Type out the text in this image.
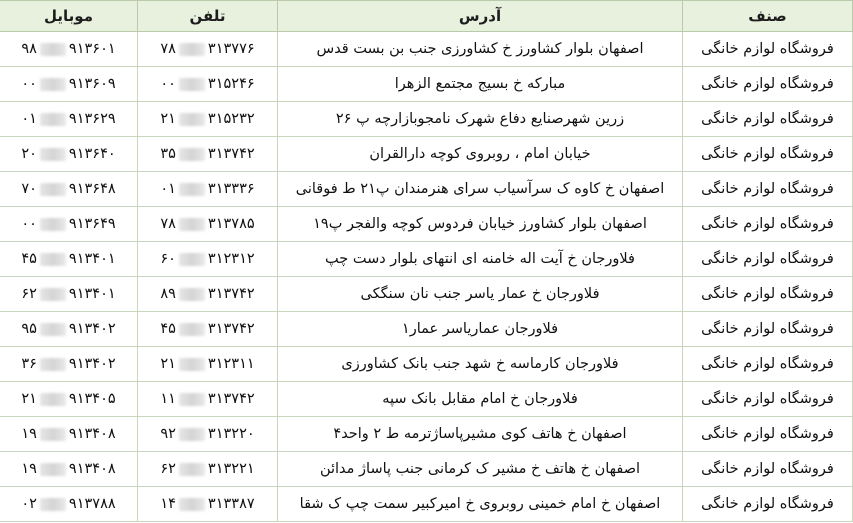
صنف	آدرس	تلفن	موبایل
فروشگاه لوازم خانگی	اصفهان بلوار کشاورز خ کشاورزی جنب بن بست قدس	۷۸ ۳۱۳۷۷۶	۹۸ ۹۱۳۶۰۱

فروشگاه لوازم خانگی	مبارکه خ بسیج مجتمع الزهرا	۰۰ ۳۱۵۲۴۶	۰۰ ۹۱۳۶۰۹

فروشگاه لوازم خانگی	زرین شهرصنایع دفاع شهرک نامجوبازارچه پ ۲۶	۲۱ ۳۱۵۲۳۲	۰۱ ۹۱۳۶۲۹

فروشگاه لوازم خانگی	خیابان امام ، روبروی کوچه دارالقران	۳۵ ۳۱۳۷۴۲	۲۰ ۹۱۳۶۴۰

فروشگاه لوازم خانگی	اصفهان خ کاوه ک سرآسیاب سرای هنرمندان پ۲۱ ط فوقانی	۰۱ ۳۱۳۳۳۶	۷۰ ۹۱۳۶۴۸

فروشگاه لوازم خانگی	اصفهان بلوار کشاورز خیابان فردوس کوچه والفجر پ۱۹	۷۸ ۳۱۳۷۸۵	۰۰ ۹۱۳۶۴۹

فروشگاه لوازم خانگی	فلاورجان خ آیت اله خامنه ای انتهای بلوار دست چپ	۶۰ ۳۱۲۳۱۲	۴۵ ۹۱۳۴۰۱

فروشگاه لوازم خانگی	فلاورجان خ عمار یاسر جنب نان سنگکی	۸۹ ۳۱۳۷۴۲	۶۲ ۹۱۳۴۰۱

فروشگاه لوازم خانگی	فلاورجان عماریاسر عمار۱	۴۵ ۳۱۳۷۴۲	۹۵ ۹۱۳۴۰۲

فروشگاه لوازم خانگی	فلاورجان کارماسه خ شهد جنب بانک کشاورزی	۲۱ ۳۱۲۳۱۱	۳۶ ۹۱۳۴۰۲

فروشگاه لوازم خانگی	فلاورجان خ امام مقابل بانک سپه	۱۱ ۳۱۳۷۴۲	۲۱ ۹۱۳۴۰۵

فروشگاه لوازم خانگی	اصفهان خ هاتف کوی مشیرپاساژترمه ط ۲ واحد۴	۹۲ ۳۱۳۲۲۰	۱۹ ۹۱۳۴۰۸

فروشگاه لوازم خانگی	اصفهان خ هاتف خ مشیر ک کرمانی جنب پاساژ مدائن	۶۲ ۳۱۳۲۲۱	۱۹ ۹۱۳۴۰۸

فروشگاه لوازم خانگی	اصفهان خ امام خمینی روبروی خ امیرکبیر سمت چپ ک شقا	۱۴ ۳۱۳۳۸۷	۰۲ ۹۱۳۷۸۸
